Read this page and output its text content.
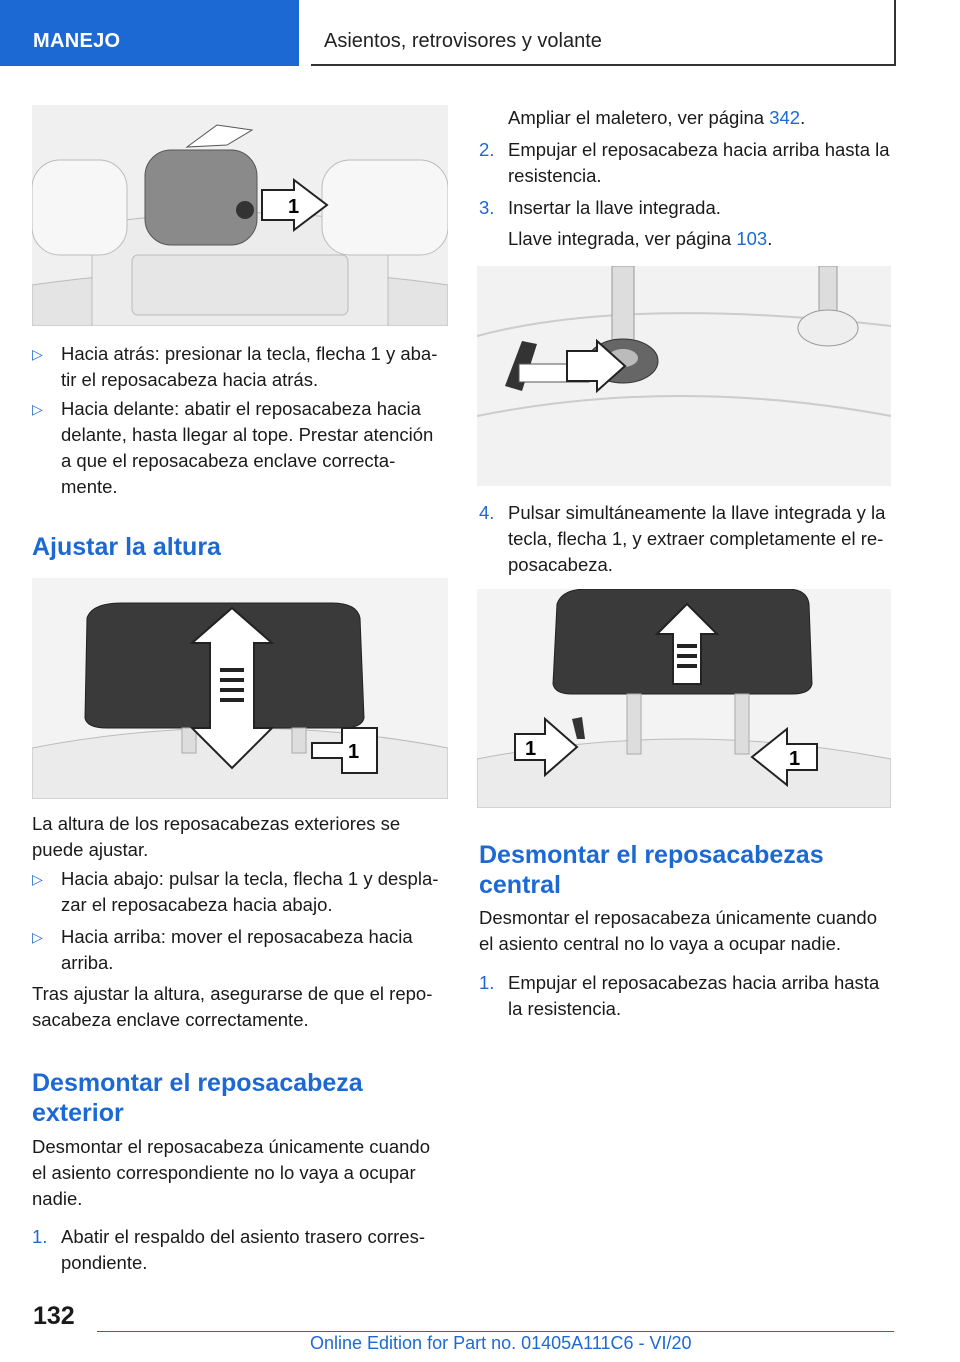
MANEJO	Asientos, retrovisores y volante
1
▷ Hacia atrás: presionar la tecla, flecha 1 y aba-tir el reposacabeza hacia atrás.
▷ Hacia delante: abatir el reposacabeza hacia delante, hasta llegar al tope. Prestar atención a que el reposacabeza enclave correcta-mente.
Ajustar la altura
1
La altura de los reposacabezas exteriores se puede ajustar.
▷ Hacia abajo: pulsar la tecla, flecha 1 y despla-zar el reposacabeza hacia abajo.
▷ Hacia arriba: mover el reposacabeza hacia arriba.
Tras ajustar la altura, asegurarse de que el repo-sacabeza enclave correctamente.
Desmontar el reposacabeza exterior
Desmontar el reposacabeza únicamente cuando el asiento correspondiente no lo vaya a ocupar nadie.
1. Abatir el respaldo del asiento trasero corres-pondiente.
Ampliar el maletero, ver página 342.
2. Empujar el reposacabeza hacia arriba hasta la resistencia.
3. Insertar la llave integrada.
Llave integrada, ver página 103.
4. Pulsar simultáneamente la llave integrada y la tecla, flecha 1, y extraer completamente el re-posacabeza.
1	1
Desmontar el reposacabezas central
Desmontar el reposacabeza únicamente cuando el asiento central no lo vaya a ocupar nadie.
1. Empujar el reposacabezas hacia arriba hasta la resistencia.
132
Online Edition for Part no. 01405A111C6 - VI/20
